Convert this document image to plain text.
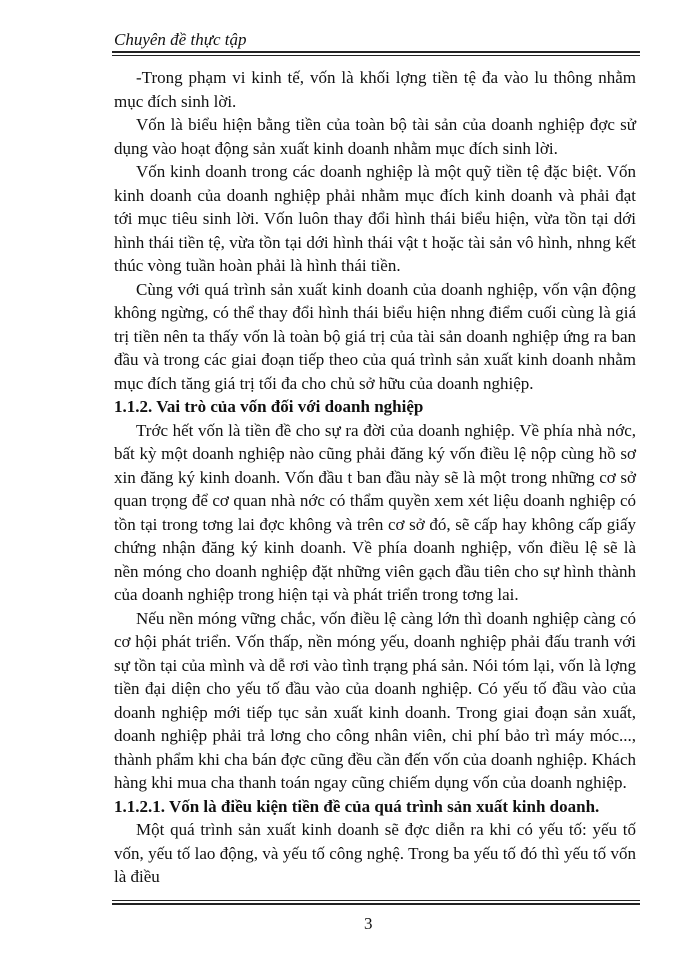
Chuyên đề thực tập

-Trong phạm vi kinh tế, vốn là khối lợng tiền tệ đa vào lu thông nhằm mục đích sinh lời.

Vốn là biểu hiện bằng tiền của toàn bộ tài sản của doanh nghiệp đợc sử dụng vào hoạt động sản xuất kinh doanh nhằm mục đích sinh lời.

Vốn kinh doanh trong các doanh nghiệp là một quỹ tiền tệ đặc biệt. Vốn kinh doanh của doanh nghiệp phải nhằm mục đích kinh doanh và phải đạt tới mục tiêu sinh lời. Vốn luôn thay đổi hình thái biểu hiện, vừa tồn tại dới hình thái tiền tệ, vừa tồn tại dới hình thái vật t hoặc tài sản vô hình, nhng kết thúc vòng tuần hoàn phải là hình thái tiền.

Cùng với quá trình sản xuất kinh doanh của doanh nghiệp, vốn vận động không ngừng, có thể thay đổi hình thái biểu hiện nhng điểm cuối cùng là giá trị tiền nên ta thấy vốn là toàn bộ giá trị của tài sản doanh nghiệp ứng ra ban đầu và trong các giai đoạn tiếp theo của quá trình sản xuất kinh doanh nhằm mục đích tăng giá trị tối đa cho chủ sở hữu của doanh nghiệp.

1.1.2. Vai trò của vốn đối với doanh nghiệp

Trớc hết vốn là tiền đề cho sự ra đời của doanh nghiệp. Về phía nhà nớc, bất kỳ một doanh nghiệp nào cũng phải đăng ký vốn điều lệ nộp cùng hồ sơ xin đăng ký kinh doanh. Vốn đầu t ban đầu này sẽ là một trong những cơ sở quan trọng để cơ quan nhà nớc có thẩm quyền xem xét liệu doanh nghiệp có tồn tại trong tơng lai đợc không và trên cơ sở đó, sẽ cấp hay không cấp giấy chứng nhận đăng ký kinh doanh. Về phía doanh nghiệp, vốn điều lệ sẽ là nền móng cho doanh nghiệp đặt những viên gạch đầu tiên cho sự hình thành của doanh nghiệp trong hiện tại và phát triển trong tơng lai.

Nếu nền móng vững chắc, vốn điều lệ càng lớn thì doanh nghiệp càng có cơ hội phát triển. Vốn thấp, nền móng yếu, doanh nghiệp phải đấu tranh với sự tồn tại của mình và dễ rơi vào tình trạng phá sản. Nói tóm lại, vốn là lợng tiền đại diện cho yếu tố đầu vào của doanh nghiệp. Có yếu tố đầu vào của doanh nghiệp mới tiếp tục sản xuất kinh doanh. Trong giai đoạn sản xuất, doanh nghiệp phải trả lơng cho công nhân viên, chi phí bảo trì máy móc..., thành phẩm khi cha bán đợc cũng đều cần đến vốn của doanh nghiệp. Khách hàng khi mua cha thanh toán ngay cũng chiếm dụng vốn của doanh nghiệp.

1.1.2.1. Vốn là điều kiện tiền đề của quá trình sản xuất kinh doanh.

Một quá trình sản xuất kinh doanh sẽ đợc diễn ra khi có yếu tố: yếu tố vốn, yếu tố lao động, và yếu tố công nghệ. Trong ba yếu tố đó thì yếu tố vốn là điều

3
